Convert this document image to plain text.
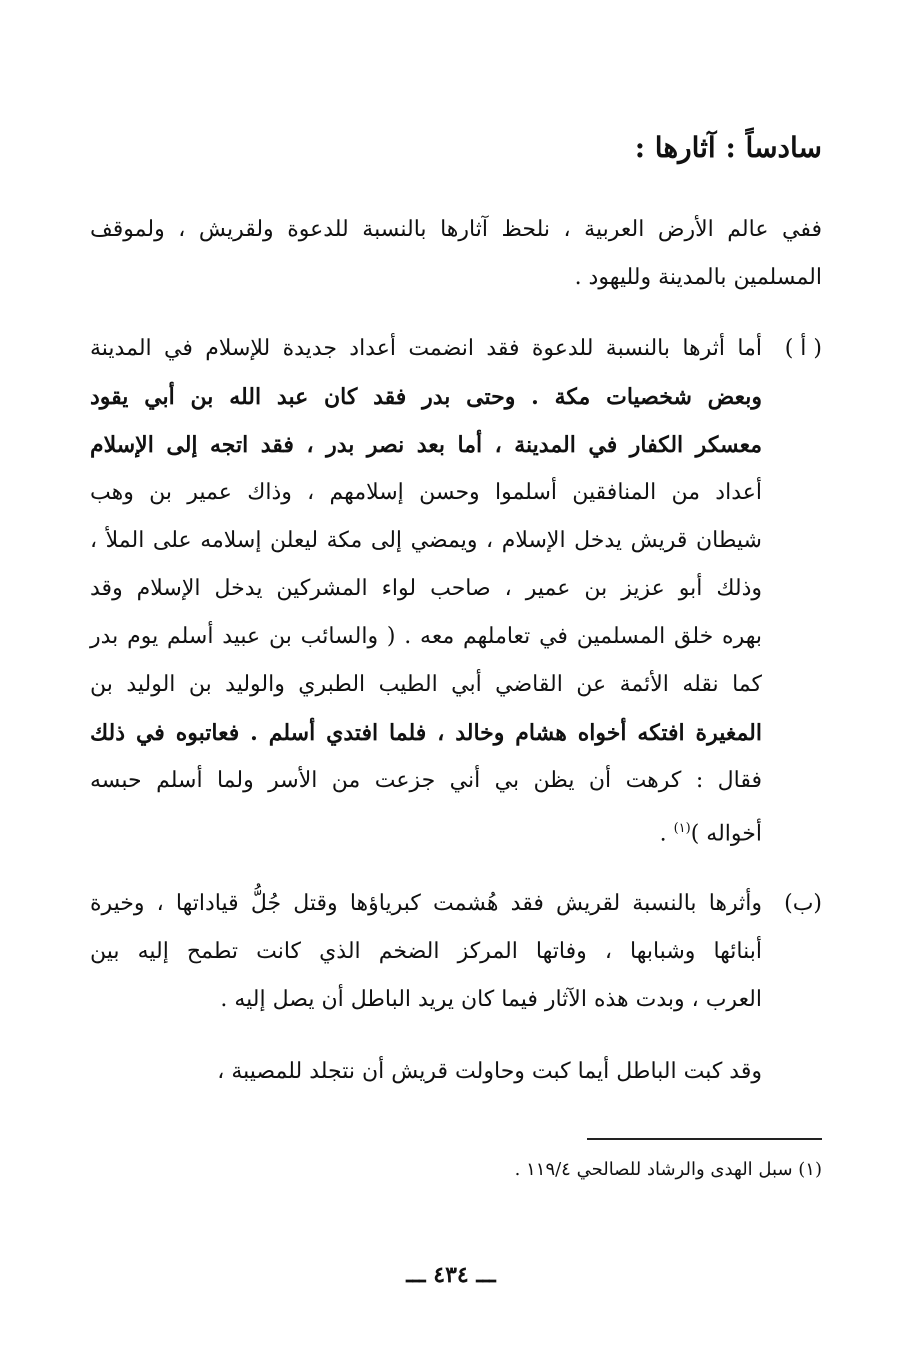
سادساً : آثارها :
ففي عالم الأرض العربية ، نلحظ آثارها بالنسبة للدعوة ولقريش ، ولموقف
المسلمين بالمدينة ولليهود .
( أ )
أما أثرها بالنسبة للدعوة فقد انضمت أعداد جديدة للإسلام في المدينة
وبعض شخصيات مكة . وحتى بدر فقد كان عبد الله بن أبي يقود
معسكر الكفار في المدينة ، أما بعد نصر بدر ، فقد اتجه إلى الإسلام
أعداد من المنافقين أسلموا وحسن إسلامهم ، وذاك عمير بن وهب
شيطان قريش يدخل الإسلام ، ويمضي إلى مكة ليعلن إسلامه على الملأ ،
وذلك أبو عزيز بن عمير ، صاحب لواء المشركين يدخل الإسلام وقد
بهره خلق المسلمين في تعاملهم معه . ( والسائب بن عبيد أسلم يوم بدر
كما نقله الأئمة عن القاضي أبي الطيب الطبري والوليد بن الوليد بن
المغيرة افتكه أخواه هشام وخالد ، فلما افتدي أسلم . فعاتبوه في ذلك
فقال : كرهت أن يظن بي أني جزعت من الأسر ولما أسلم حبسه
أخواله )$^{(١)}$ .
(ب)
وأثرها بالنسبة لقريش فقد هُشمت كبرياؤها وقتل جُلُّ قياداتها ، وخيرة
أبنائها وشبابها ، وفاتها المركز الضخم الذي كانت تطمح إليه بين
العرب ، وبدت هذه الآثار فيما كان يريد الباطل أن يصل إليه .
وقد كبت الباطل أيما كبت وحاولت قريش أن نتجلد للمصيبة ،
(١) سبل الهدى والرشاد للصالحي ١١٩/٤ .
ـــ ٤٣٤ ـــ
